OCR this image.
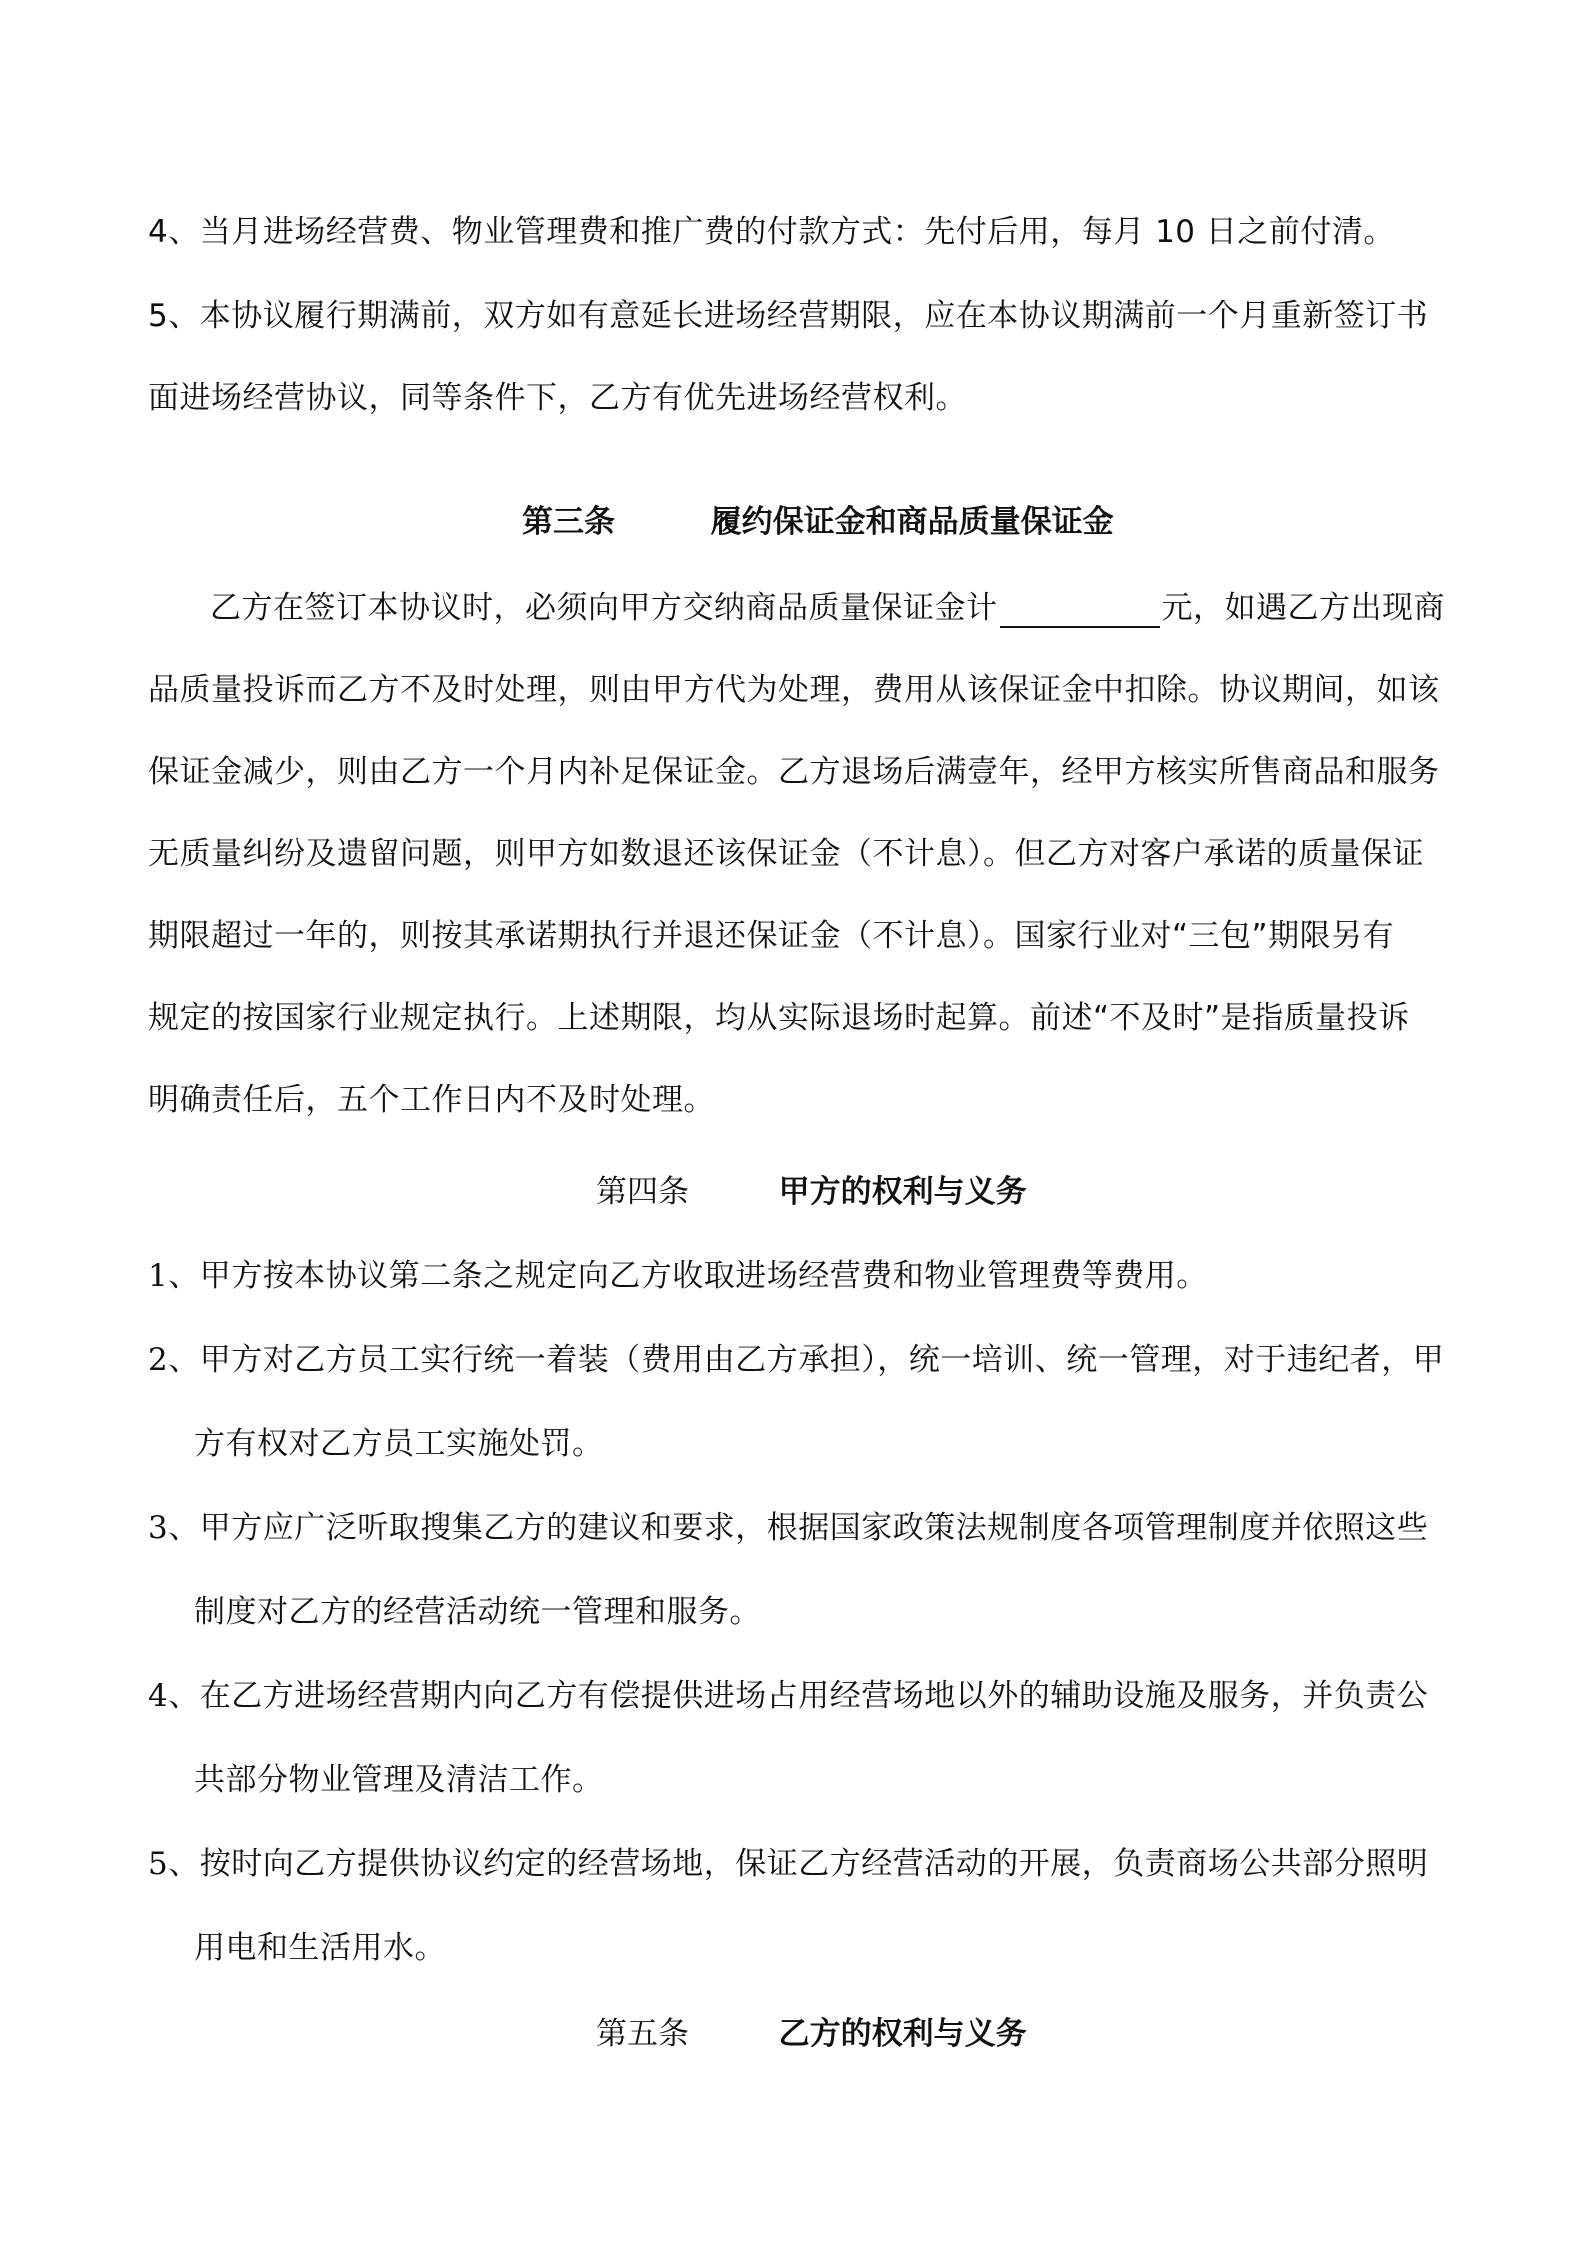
4、当月进场经营费、物业管理费和推广费的付款方式：先付后用，每月 10 日之前付清。
5、本协议履行期满前，双方如有意延长进场经营期限，应在本协议期满前一个月重新签订书
面进场经营协议，同等条件下，乙方有优先进场经营权利。
第三条	履约保证金和商品质量保证金
乙方在签订本协议时，必须向甲方交纳商品质量保证金计	元，如遇乙方出现商
品质量投诉而乙方不及时处理，则由甲方代为处理，费用从该保证金中扣除。协议期间，如该
保证金减少，则由乙方一个月内补足保证金。乙方退场后满壹年，经甲方核实所售商品和服务
无质量纠纷及遗留问题，则甲方如数退还该保证金（不计息）。但乙方对客户承诺的质量保证
期限超过一年的，则按其承诺期执行并退还保证金（不计息）。国家行业对“三包”期限另有
规定的按国家行业规定执行。上述期限，均从实际退场时起算。前述“不及时”是指质量投诉
明确责任后，五个工作日内不及时处理。
第四条	甲方的权利与义务
1、甲方按本协议第二条之规定向乙方收取进场经营费和物业管理费等费用。
2、甲方对乙方员工实行统一着装（费用由乙方承担），统一培训、统一管理，对于违纪者，甲
方有权对乙方员工实施处罚。
3、甲方应广泛听取搜集乙方的建议和要求，根据国家政策法规制度各项管理制度并依照这些
制度对乙方的经营活动统一管理和服务。
4、在乙方进场经营期内向乙方有偿提供进场占用经营场地以外的辅助设施及服务，并负责公
共部分物业管理及清洁工作。
5、按时向乙方提供协议约定的经营场地，保证乙方经营活动的开展，负责商场公共部分照明
用电和生活用水。
第五条	乙方的权利与义务
